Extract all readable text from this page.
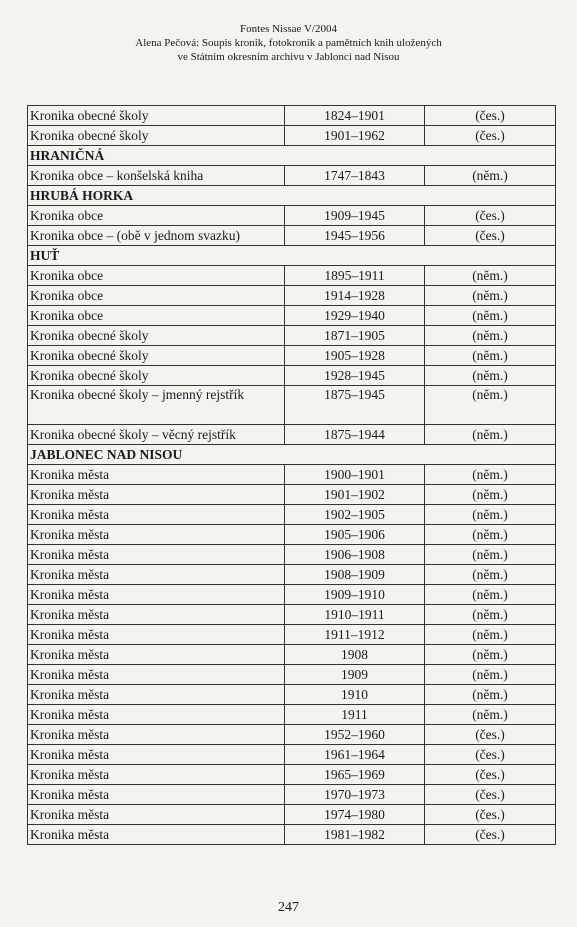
Fontes Nissae V/2004
Alena Pečová: Soupis kronik, fotokronik a pamětních knih uložených
ve Státním okresním archivu v Jablonci nad Nisou
Kronika obecné školy	1824–1901	(čes.)
Kronika obecné školy	1901–1962	(čes.)
HRANIČNÁ		
Kronika obce – konšelská kniha	1747–1843	(něm.)
HRUBÁ HORKA		
Kronika obce	1909–1945	(čes.)
Kronika obce – (obě v jednom svazku)	1945–1956	(čes.)
HUŤ		
Kronika obce	1895–1911	(něm.)
Kronika obce	1914–1928	(něm.)
Kronika obce	1929–1940	(něm.)
Kronika obecné školy	1871–1905	(něm.)
Kronika obecné školy	1905–1928	(něm.)
Kronika obecné školy	1928–1945	(něm.)
Kronika obecné školy – jmenný rejstřík	1875–1945	(něm.)
Kronika obecné školy – věcný rejstřík	1875–1944	(něm.)
JABLONEC NAD NISOU		
Kronika města	1900–1901	(něm.)
Kronika města	1901–1902	(něm.)
Kronika města	1902–1905	(něm.)
Kronika města	1905–1906	(něm.)
Kronika města	1906–1908	(něm.)
Kronika města	1908–1909	(něm.)
Kronika města	1909–1910	(něm.)
Kronika města	1910–1911	(něm.)
Kronika města	1911–1912	(něm.)
Kronika města	1908	(něm.)
Kronika města	1909	(něm.)
Kronika města	1910	(něm.)
Kronika města	1911	(něm.)
Kronika města	1952–1960	(čes.)
Kronika města	1961–1964	(čes.)
Kronika města	1965–1969	(čes.)
Kronika města	1970–1973	(čes.)
Kronika města	1974–1980	(čes.)
Kronika města	1981–1982	(čes.)
247
